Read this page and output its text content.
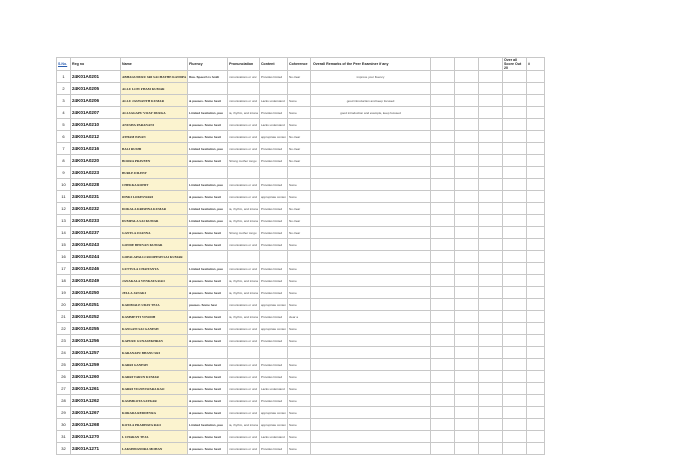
S.No.	Reg no	Name	Fluency	Pronunciation	Content	Coherence	Overall Remarks of the Peer Examiner if any				Over all Score Out 20	#
1	24K01A0201	ABHAGUDURU SRI SACHATHE KANDPA	Rea. Speech is holdi	mmunications or unc	Provides limited	No clear	improve your fluency					
2	24K01A0205	ALLU LOW FHAM KUMAR										
3	24K01A0206	ALLU JASWANTH KUMAR	& pauses. Some hesit	mmunications or und	Lacks understand	Some	good introduction and keep focused					
4	24K01A0207	ALLSAGAPU VIJAY DURGA	Limited hesitation, pau	ia, rhythm, and intona	Provides limited	Some	good introduction and example, keep focused					
5	24K01A0210	ANUSHA PARANANI	& pauses. Some hesit	mmunications or und	Lacks understand	Some						
6	24K01A0212	ATHAM PAVAN	& pauses. Some hesit	mmunications or und	appropriate conten	No clear						
7	24K01A0216	BALI RUSHI	Limited hesitation, pau	mmunications or und	Provides limited	No clear						
8	24K01A0220	BOORA PRAVEEN	& pauses. Some hesit	Strong mother tongu	Provides limited	No clear						
9	24K01A0223	BURLE DILEEP										
10	24K01A0228	CHEKKA ROHIT	Limited hesitation, pau	mmunications or und	Provides limited	Some						
11	24K01A0231	DINKI LOKESWARI	& pauses. Some hesit	mmunications or und	appropriate conten	Some						
12	24K01A0232	DOKALA KRISHNA KUMAR	Limited hesitation, pau	ia, rhythm, and intona	Provides limited	No clear						
13	24K01A0233	DUMPALA SAI KUMAR	Limited hesitation, pau	ia, rhythm, and intona	Provides limited	No clear						
14	24K01A0237	GANTLA JOANNA	& pauses. Some hesit	Strong mother tongu	Provides limited	No clear						
15	24K01A0243	GONDE BHUVAN KUMAR	& pauses. Some hesit	mmunications or und	Provides limited	Some						
16	24K01A0244	GOPALAPALLI ROOPESH SAI KUMAR										
17	24K01A0246	GUTTULA CHAITANYA	Limited hesitation, pau	mmunications or und	Provides limited	Some						
18	24K01A0249	JANAKALA VENKATA RAO	& pauses. Some hesit	ia, rhythm, and intona	Provides limited	Some						
19	24K01A0250	JELLA JANAKI	& pauses. Some hesit	ia, rhythm, and intona	Provides limited	Some						
20	24K01A0251	KADIMALE UDAY TEJA	pauses. Some hesi	mmunications or und	appropriate conten	Some						
21	24K01A0252	KAMMETTI VINODH	& pauses. Some hesit	ia, rhythm, and intona	Provides limited	clear a						
22	24K01A0255	KANGATI SAI GANESH	& pauses. Some hesit	mmunications or und	appropriate conten	Some						
23	24K01A1256	KAPURU GUNASEKHRAN	& pauses. Some hesit	mmunications or und	Provides limited	Some						
24	24K01A1257	KARANAPU BHANU SRI										
25	24K01A1259	KARRI GANESH	& pauses. Some hesit	mmunications or und	Provides limited	Some						
26	24K01A1260	KARRI TARUN KUMAR	& pauses. Some hesit	mmunications or und	Provides limited	Some						
27	24K01A1261	KARRI VIGNESWARA RAO	& pauses. Some hesit	mmunications or und	Lacks understand	Some						
28	24K01A1262	KASIMKOTA SATKAR	& pauses. Some hesit	mmunications or und	Provides limited	Some						
29	24K01A1267	KORADA REDDEYRA	& pauses. Some hesit	mmunications or und	appropriate conten	Some						
30	24K01A1268	KOTA A PRADHAVA RAO	Limited hesitation, pau	ia, rhythm, and intona	appropriate conten	Some						
31	24K01A1270	L CHARAN TEJA	& pauses. Some hesit	mmunications or und	Lacks understand	Some						
32	24K01A1271	LAKSHMANDRA MOHAN	& pauses. Some hesit	mmunications or und	Provides limited	Some						
